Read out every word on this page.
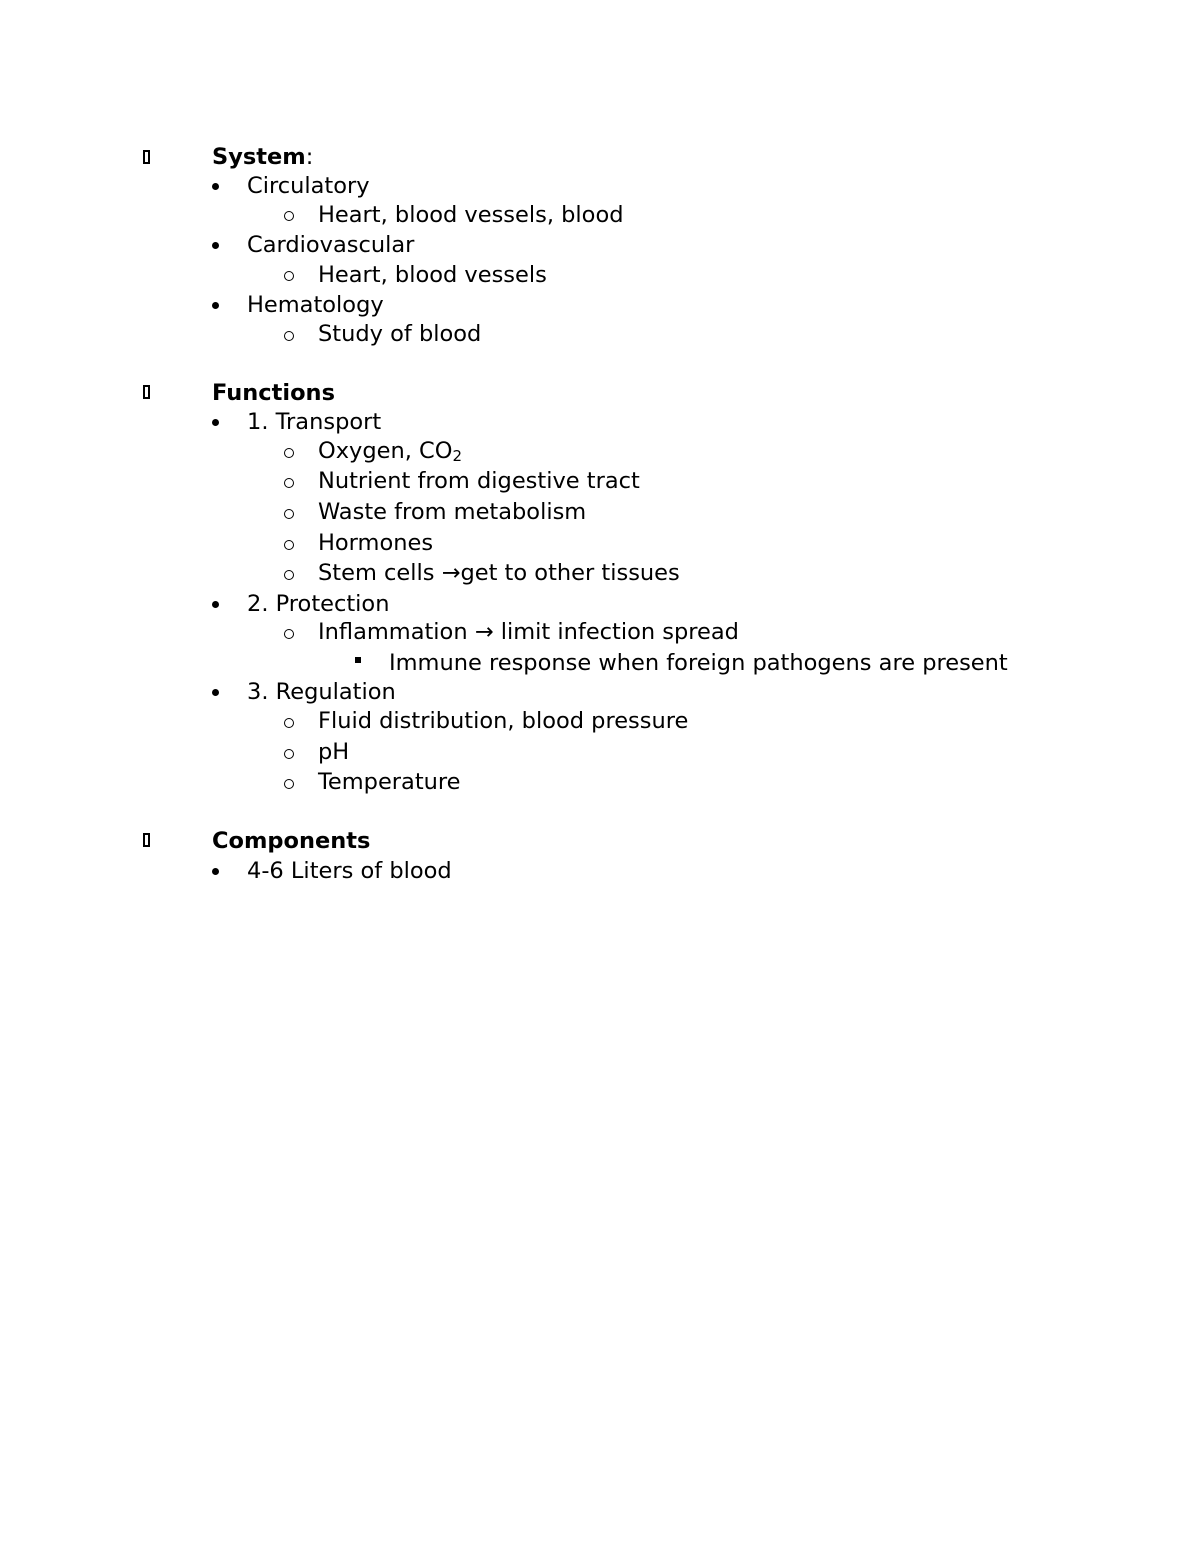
System:
Circulatory
Heart, blood vessels, blood
Cardiovascular
Heart, blood vessels
Hematology
Study of blood
Functions
1. Transport
Oxygen, $CO_2$
Nutrient from digestive tract
Waste from metabolism
Hormones
Stem cells →get to other tissues
2. Protection
Inflammation → limit infection spread
Immune response when foreign pathogens are present
3. Regulation
Fluid distribution, blood pressure
pH
Temperature
Components
4-6 Liters of blood
